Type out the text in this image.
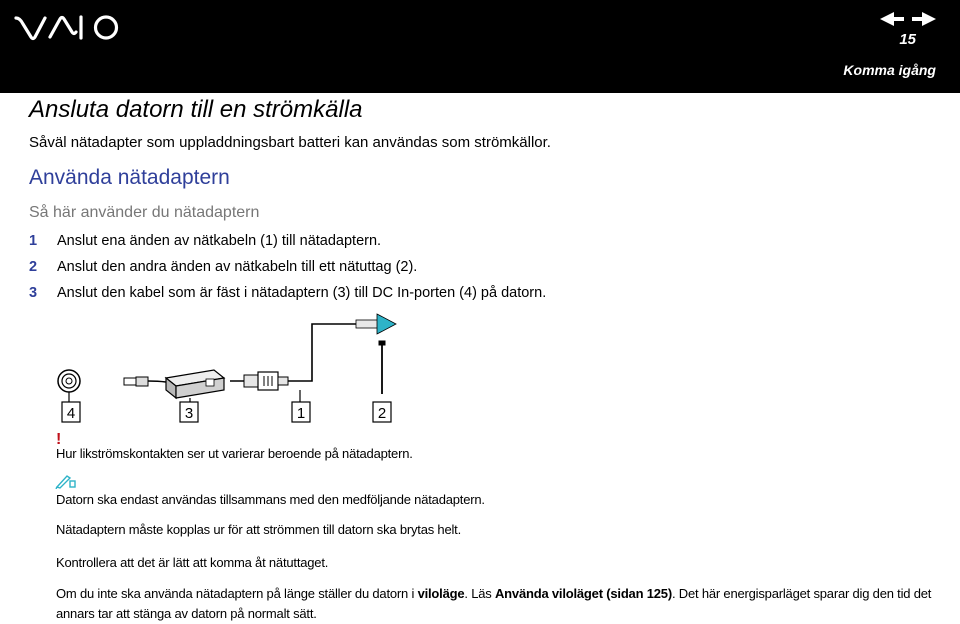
15
Komma igång
Ansluta datorn till en strömkälla
Såväl nätadapter som uppladdningsbart batteri kan användas som strömkällor.
Använda nätadaptern
Så här använder du nätadaptern
1 Anslut ena änden av nätkabeln (1) till nätadaptern.
2 Anslut den andra änden av nätkabeln till ett nätuttag (2).
3 Anslut den kabel som är fäst i nätadaptern (3) till DC In-porten (4) på datorn.
4	3	1	2
!
Hur likströmskontakten ser ut varierar beroende på nätadaptern.
Datorn ska endast användas tillsammans med den medföljande nätadaptern.
Nätadaptern måste kopplas ur för att strömmen till datorn ska brytas helt.
Kontrollera att det är lätt att komma åt nätuttaget.
Om du inte ska använda nätadaptern på länge ställer du datorn i viloläge. Läs Använda viloläget (sidan 125). Det här energisparläget sparar dig den tid det
annars tar att stänga av datorn på normalt sätt.
